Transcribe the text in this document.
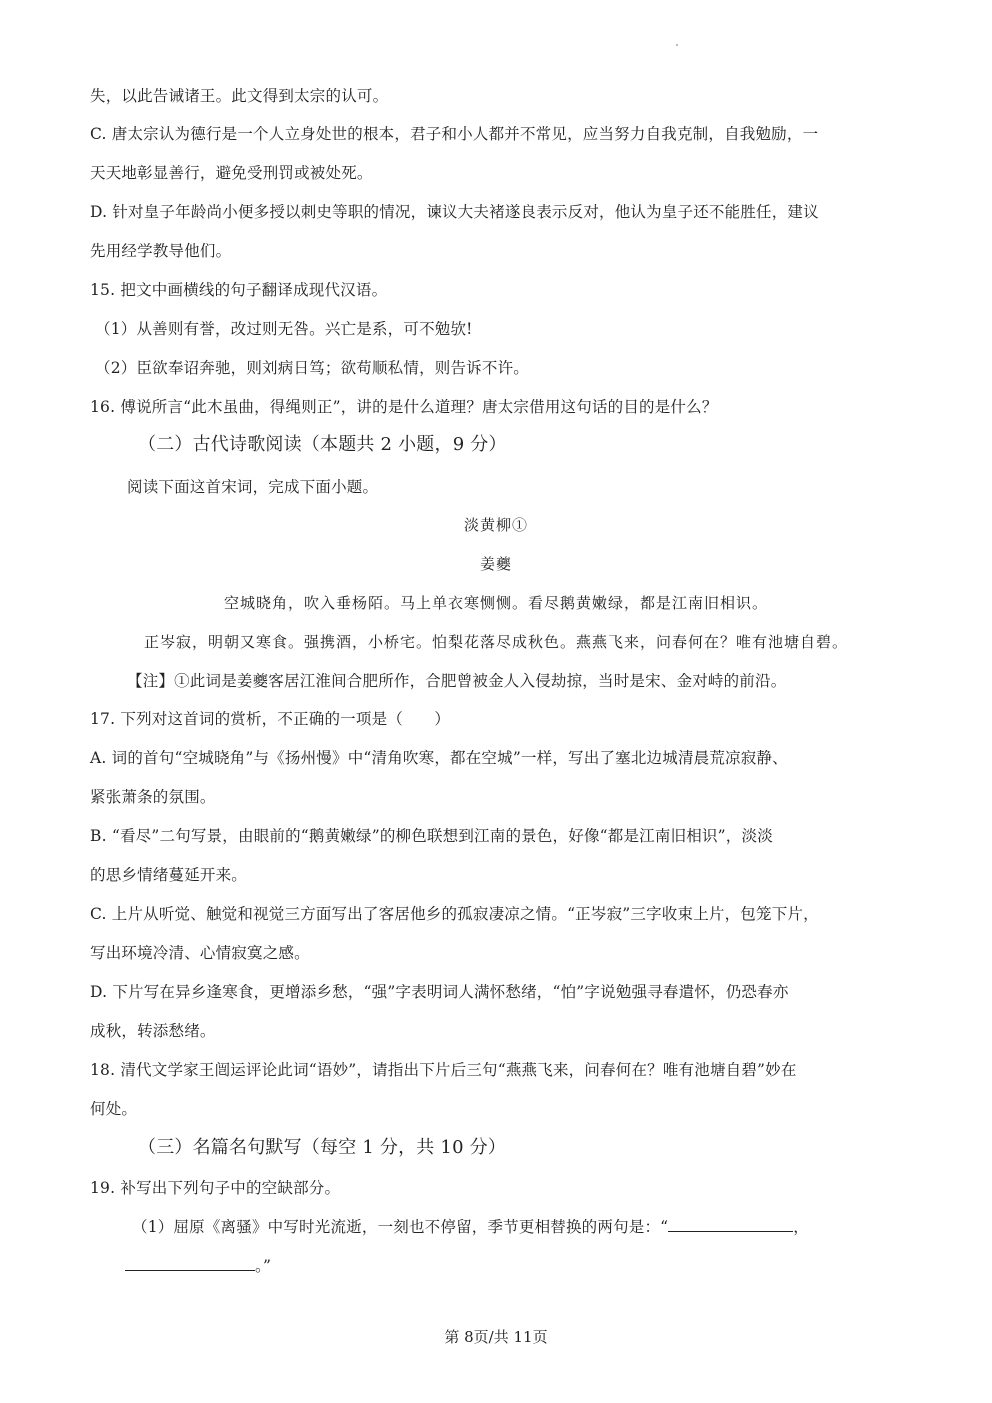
失，以此告诫诸王。此文得到太宗的认可。
C. 唐太宗认为德行是一个人立身处世的根本，君子和小人都并不常见，应当努力自我克制，自我勉励，一
天天地彰显善行，避免受刑罚或被处死。
D. 针对皇子年龄尚小便多授以刺史等职的情况，谏议大夫褚遂良表示反对，他认为皇子还不能胜任，建议
先用经学教导他们。
15. 把文中画横线的句子翻译成现代汉语。
（1）从善则有誉，改过则无咎。兴亡是系，可不勉欤!
（2）臣欲奉诏奔驰，则刘病日笃；欲苟顺私情，则告诉不许。
16. 傅说所言“此木虽曲，得绳则正”，讲的是什么道理？唐太宗借用这句话的目的是什么？
（二）古代诗歌阅读（本题共 2 小题，9 分）
阅读下面这首宋词，完成下面小题。
淡黄柳①
姜夔
空城晓角，吹入垂杨陌。马上单衣寒恻恻。看尽鹅黄嫩绿，都是江南旧相识。
正岑寂，明朝又寒食。强携酒，小桥宅。怕梨花落尽成秋色。燕燕飞来，问春何在？唯有池塘自碧。
【注】①此词是姜夔客居江淮间合肥所作，合肥曾被金人入侵劫掠，当时是宋、金对峙的前沿。
17. 下列对这首词的赏析，不正确的一项是（　　）
A. 词的首句“空城晓角”与《扬州慢》中“清角吹寒，都在空城”一样，写出了塞北边城清晨荒凉寂静、
紧张萧条的氛围。
B. “看尽”二句写景，由眼前的“鹅黄嫩绿”的柳色联想到江南的景色，好像“都是江南旧相识”，淡淡
的思乡情绪蔓延开来。
C. 上片从听觉、触觉和视觉三方面写出了客居他乡的孤寂凄凉之情。“正岑寂”三字收束上片，包笼下片，
写出环境冷清、心情寂寞之感。
D. 下片写在异乡逢寒食，更增添乡愁，“强”字表明词人满怀愁绪，“怕”字说勉强寻春遣怀，仍恐春亦
成秋，转添愁绪。
18. 清代文学家王闿运评论此词“语妙”，请指出下片后三句“燕燕飞来，问春何在？唯有池塘自碧”妙在
何处。
（三）名篇名句默写（每空 1 分，共 10 分）
19. 补写出下列句子中的空缺部分。
（1）屈原《离骚》中写时光流逝，一刻也不停留，季节更相替换的两句是：“	，
。”
第 8页/共 11页
